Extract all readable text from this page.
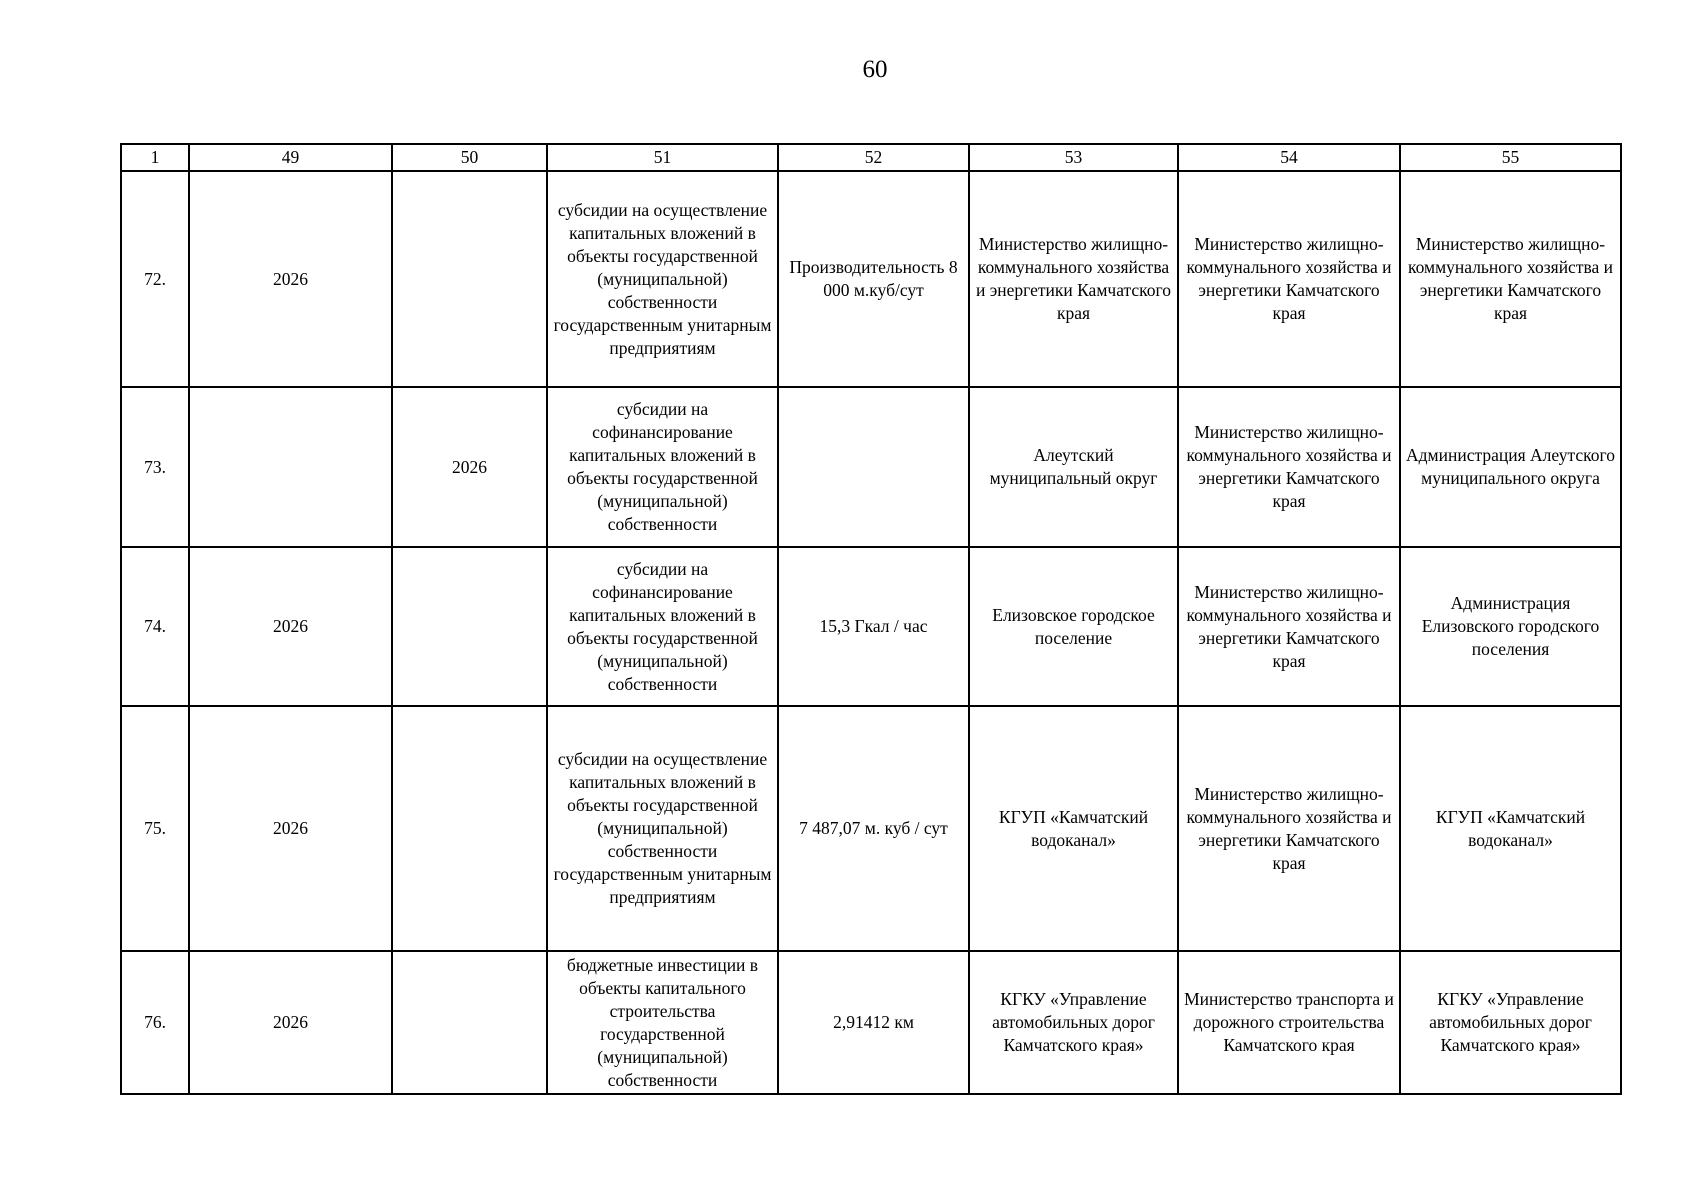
60
1	49	50	51	52	53	54	55
72.	2026		субсидии на осуществление капитальных вложений в объекты государственной (муниципальной) собственности государственным унитарным предприятиям	Производительность 8 000 м.куб/сут	Министерство жилищно-коммунального хозяйства и энергетики Камчатского края	Министерство жилищно-коммунального хозяйства и энергетики Камчатского края	Министерство жилищно-коммунального хозяйства и энергетики Камчатского края
73.		2026	субсидии на софинансирование капитальных вложений в объекты государственной (муниципальной) собственности		Алеутский муниципальный округ	Министерство жилищно-коммунального хозяйства и энергетики Камчатского края	Администрация Алеутского муниципального округа
74.	2026		субсидии на софинансирование капитальных вложений в объекты государственной (муниципальной) собственности	15,3 Гкал / час	Елизовское городское поселение	Министерство жилищно-коммунального хозяйства и энергетики Камчатского края	Администрация Елизовского городского поселения
75.	2026		субсидии на осуществление капитальных вложений в объекты государственной (муниципальной) собственности государственным унитарным предприятиям	7 487,07 м. куб / сут	КГУП «Камчатский водоканал»	Министерство жилищно-коммунального хозяйства и энергетики Камчатского края	КГУП «Камчатский водоканал»
76.	2026		бюджетные инвестиции в объекты капитального строительства государственной (муниципальной) собственности	2,91412 км	КГКУ «Управление автомобильных дорог Камчатского края»	Министерство транспорта и дорожного строительства Камчатского края	КГКУ «Управление автомобильных дорог Камчатского края»
